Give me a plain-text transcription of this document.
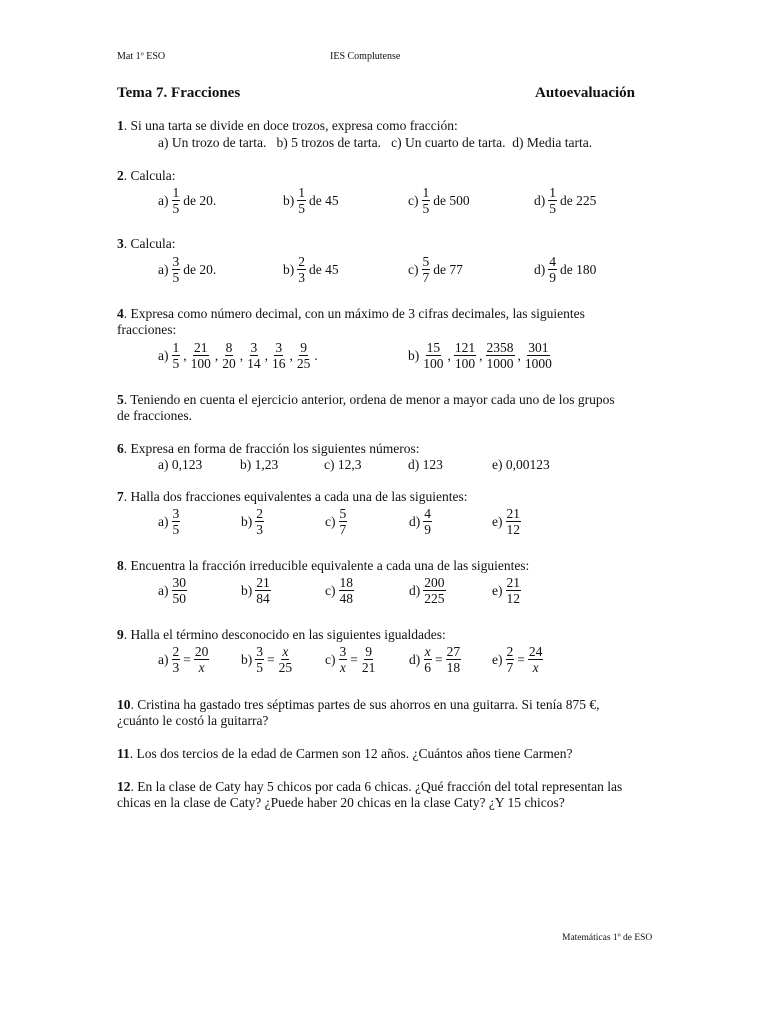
Mat 1º ESO	IES Complutense
Tema 7. Fracciones	Autoevaluación
1. Si una tarta se divide en doce trozos, expresa como fracción:
a) Un trozo de tarta.   b) 5 trozos de tarta.   c) Un cuarto de tarta.  d) Media tarta.
2. Calcula:
$a) \frac{1}{5}$ de 20.	$b) \frac{1}{5}$ de 45	$c) \frac{1}{5}$ de 500	$d) \frac{1}{5}$ de 225
3. Calcula:
$a) \frac{3}{5}$ de 20.	$b) \frac{2}{3}$ de 45	$c) \frac{5}{7}$ de 77	$d) \frac{4}{9}$ de 180
4. Expresa como número decimal, con un máximo de 3 cifras decimales, las siguientes
fracciones:
$a) \frac{1}{5}$ , $\frac{21}{100}$ , $\frac{8}{20}$ , $\frac{3}{14}$ , $\frac{3}{16}$ , $\frac{9}{25}$ .	$b) \frac{15}{100}$ , $\frac{121}{100}$ , $\frac{2358}{1000}$ , $\frac{301}{1000}$
5. Teniendo en cuenta el ejercicio anterior, ordena de menor a mayor cada uno de los grupos
de fracciones.
6. Expresa en forma de fracción los siguientes números:
a) 0,123	b) 1,23	c) 12,3	d) 123	e) 0,00123
7. Halla dos fracciones equivalentes a cada una de las siguientes:
$a) \frac{3}{5}$	$b) \frac{2}{3}$	$c) \frac{5}{7}$	$d) \frac{4}{9}$	$e) \frac{21}{12}$
8. Encuentra la fracción irreducible equivalente a cada una de las siguientes:
$a) \frac{30}{50}$	$b) \frac{21}{84}$	$c) \frac{18}{48}$	$d) \frac{200}{225}$	$e) \frac{21}{12}$
9. Halla el término desconocido en las siguientes igualdades:
$a) \frac{2}{3} = \frac{20}{x} b) \frac{3}{5} = \frac{x}{25} c) \frac{3}{x} = \frac{9}{21} d) \frac{x}{6} = \frac{27}{18} e) \frac{2}{7} = \frac{24}{x}$
10. Cristina ha gastado tres séptimas partes de sus ahorros en una guitarra. Si tenía 875 €,
¿cuánto le costó la guitarra?
11. Los dos tercios de la edad de Carmen son 12 años. ¿Cuántos años tiene Carmen?
12. En la clase de Caty hay 5 chicos por cada 6 chicas. ¿Qué fracción del total representan las
chicas en la clase de Caty? ¿Puede haber 20 chicas en la clase Caty? ¿Y 15 chicos?
Matemáticas 1º de ESO
